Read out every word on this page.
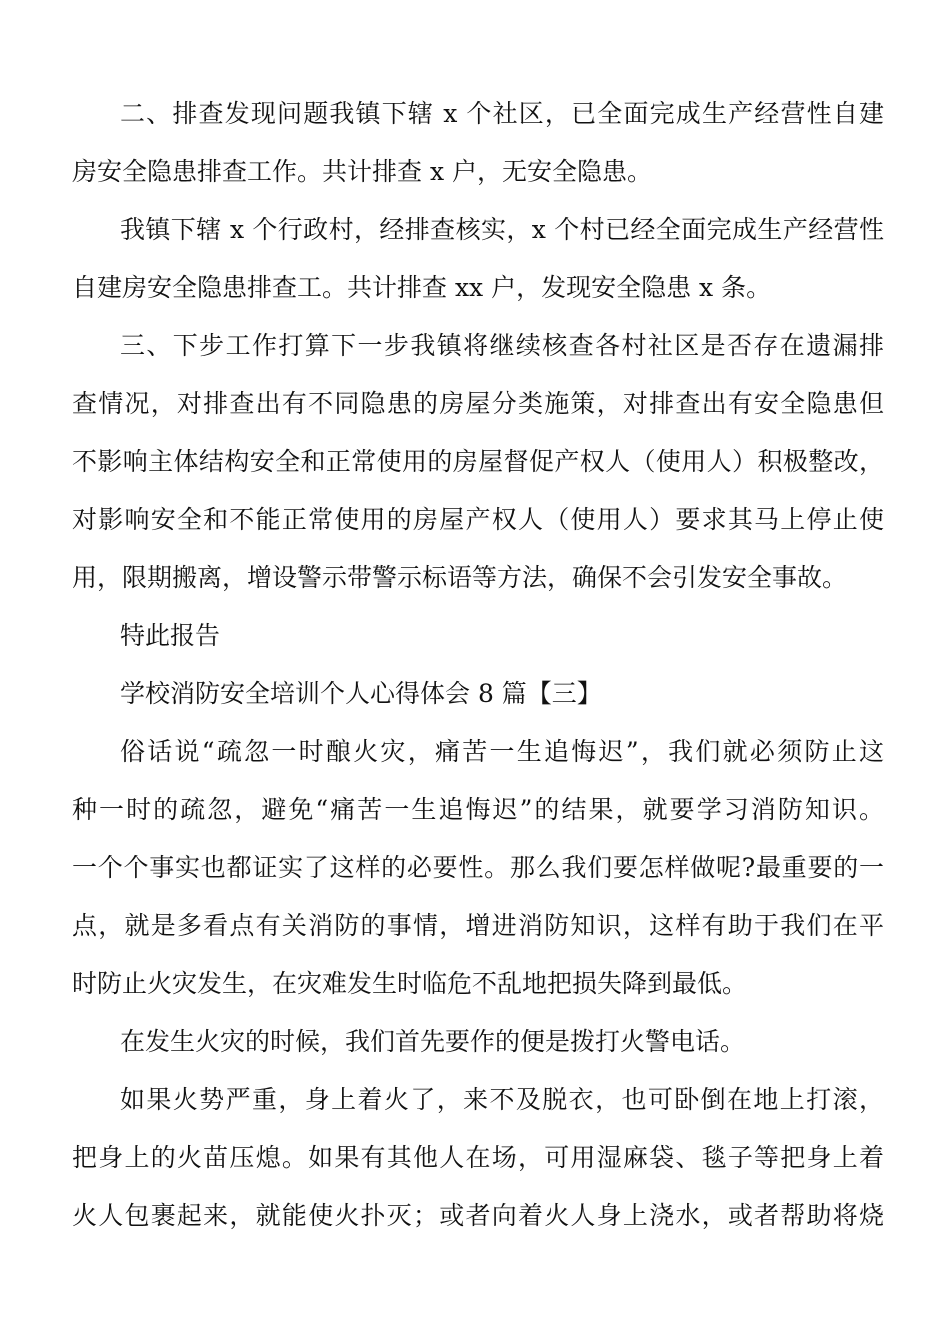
二、排查发现问题我镇下辖 x 个社区，已全面完成生产经营性自建
房安全隐患排查工作。共计排查 x 户，无安全隐患。
我镇下辖 x 个行政村，经排查核实，x 个村已经全面完成生产经营性
自建房安全隐患排查工。共计排查 xx 户，发现安全隐患 x 条。
三、下步工作打算下一步我镇将继续核查各村社区是否存在遗漏排
查情况，对排查出有不同隐患的房屋分类施策，对排查出有安全隐患但
不影响主体结构安全和正常使用的房屋督促产权人（使用人）积极整改，
对影响安全和不能正常使用的房屋产权人（使用人）要求其马上停止使
用，限期搬离，增设警示带警示标语等方法，确保不会引发安全事故。
特此报告
学校消防安全培训个人心得体会 8 篇【三】
俗话说“疏忽一时酿火灾，痛苦一生追悔迟”，我们就必须防止这
种一时的疏忽，避免“痛苦一生追悔迟”的结果，就要学习消防知识。
一个个事实也都证实了这样的必要性。那么我们要怎样做呢?最重要的一
点，就是多看点有关消防的事情，增进消防知识，这样有助于我们在平
时防止火灾发生，在灾难发生时临危不乱地把损失降到最低。
在发生火灾的时候，我们首先要作的便是拨打火警电话。
如果火势严重，身上着火了，来不及脱衣，也可卧倒在地上打滚，
把身上的火苗压熄。如果有其他人在场，可用湿麻袋、毯子等把身上着
火人包裹起来，就能使火扑灭；或者向着火人身上浇水，或者帮助将烧
